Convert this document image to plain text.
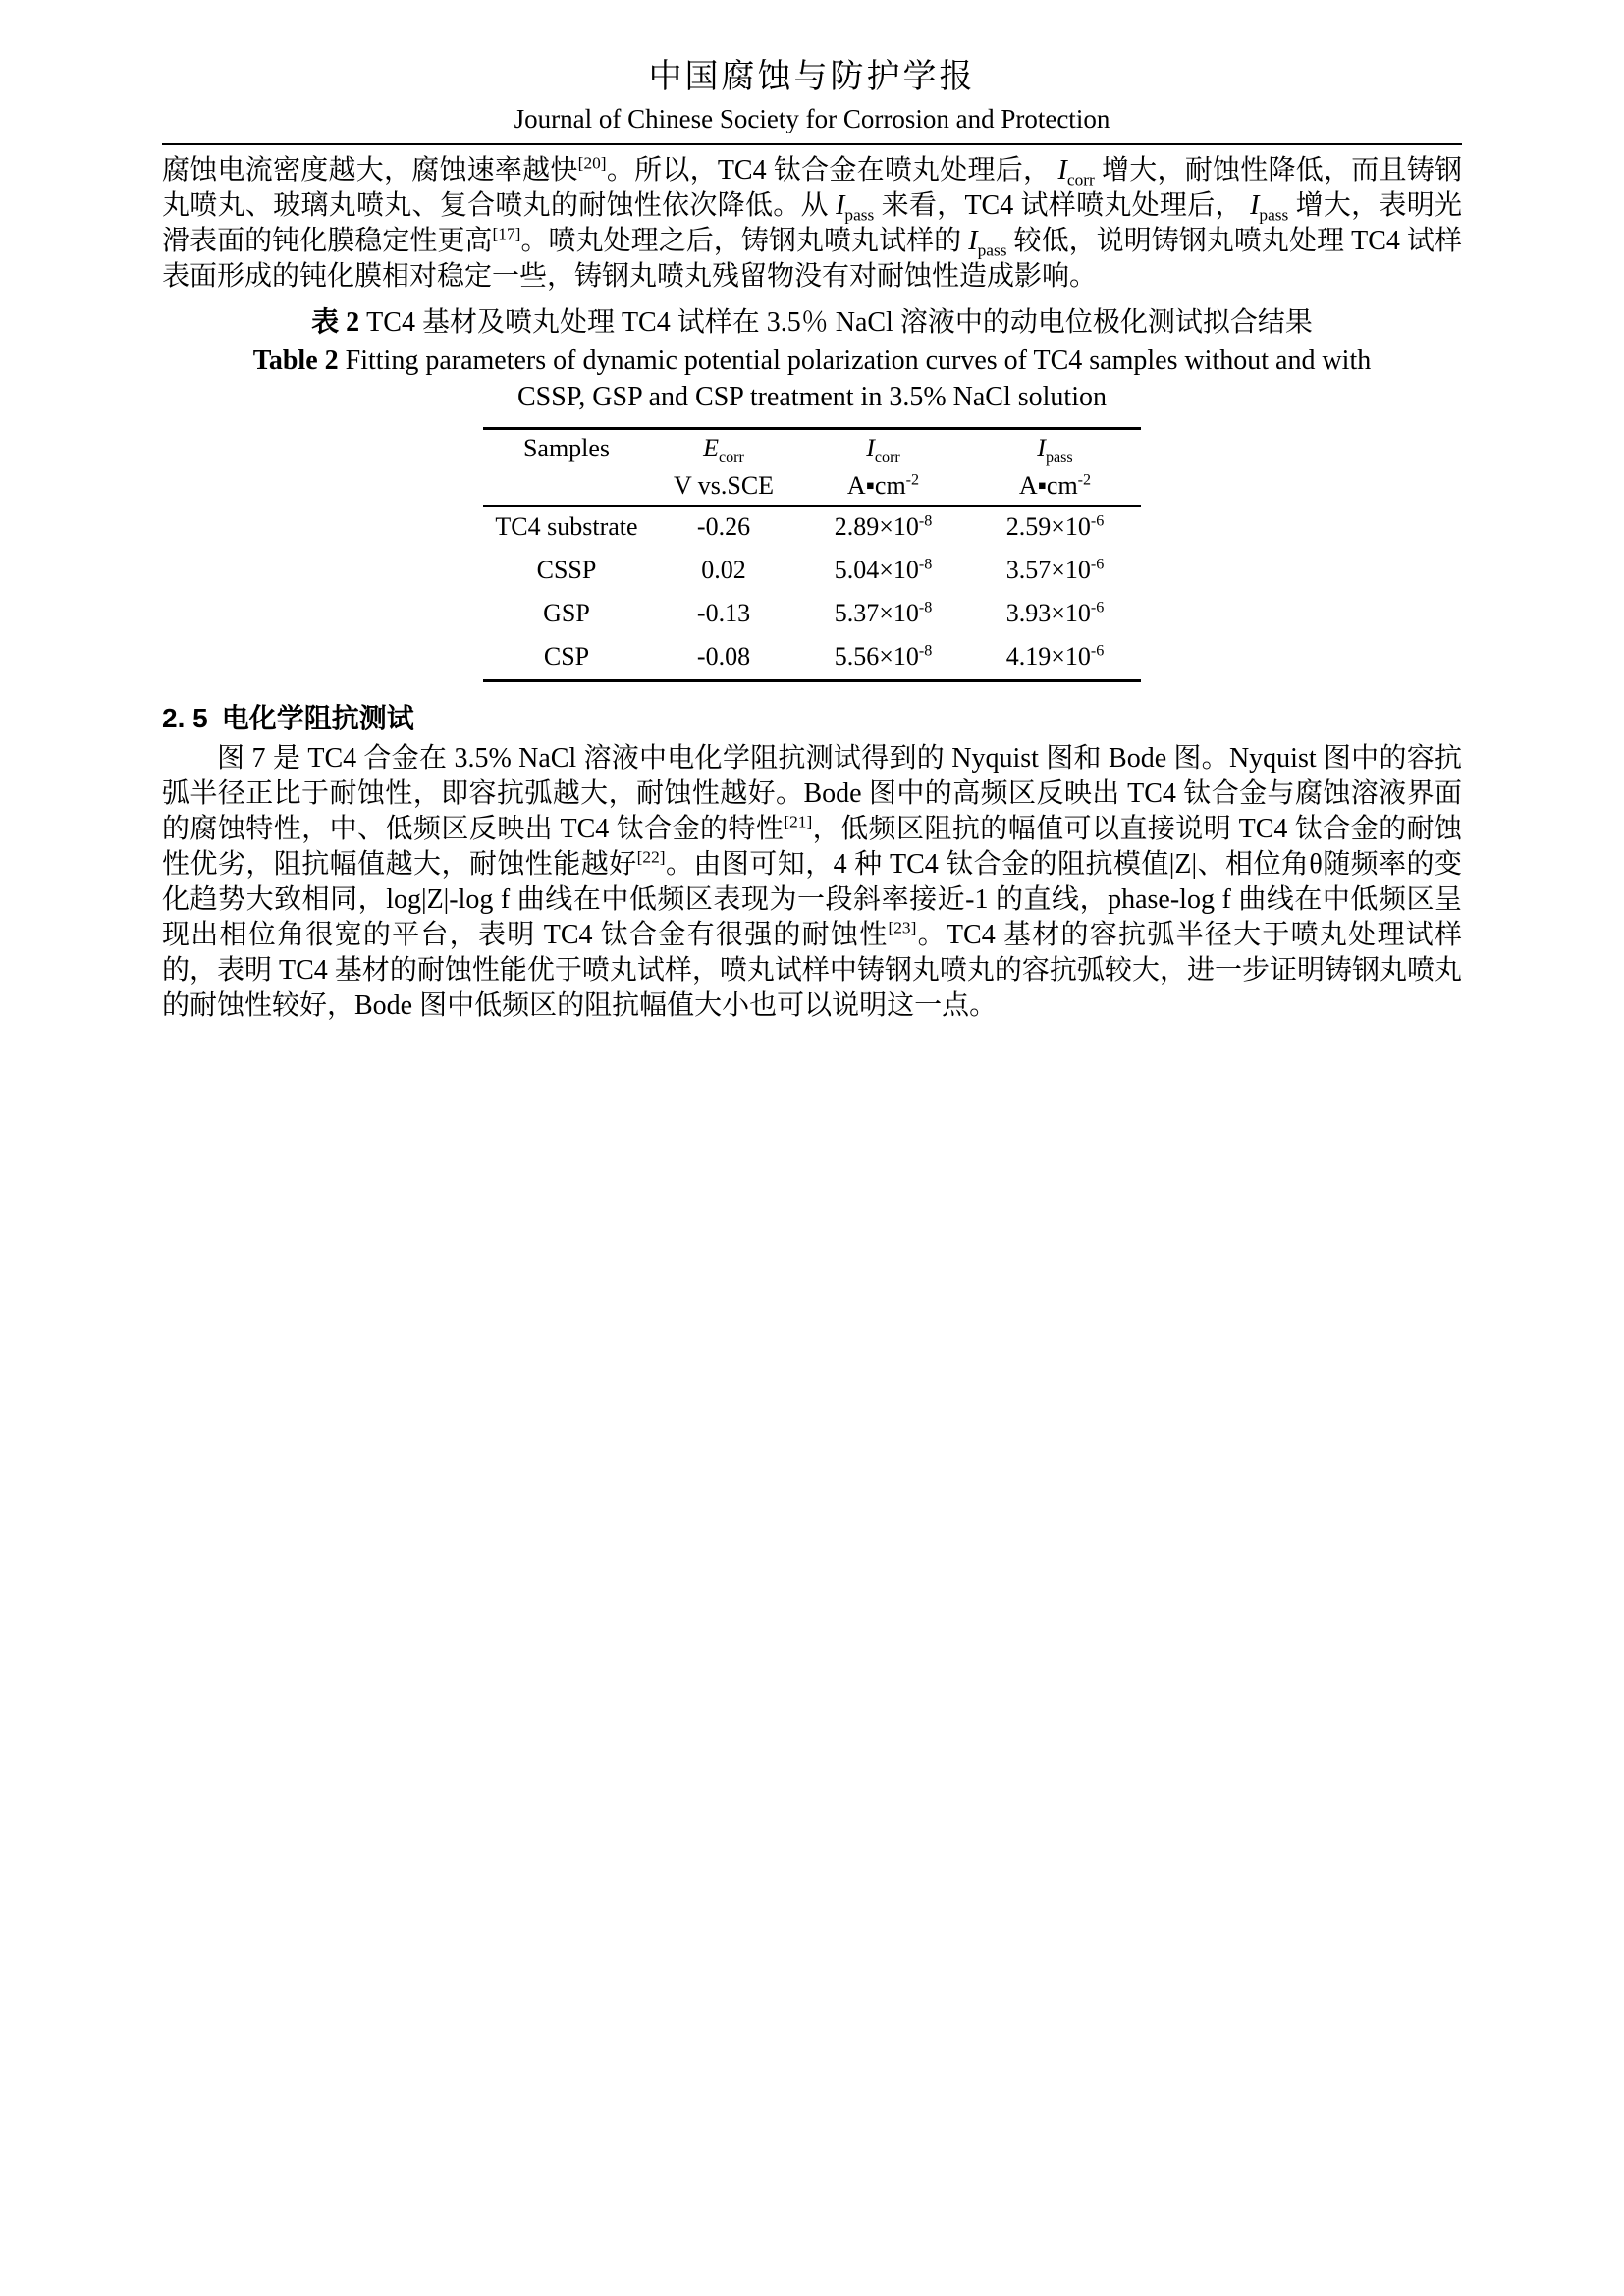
中国腐蚀与防护学报
Journal of Chinese Society for Corrosion and Protection

腐蚀电流密度越大，腐蚀速率越快[20]。所以，TC4 钛合金在喷丸处理后， $I_{corr}$ 增大，耐蚀性降低，而且铸钢丸喷丸、玻璃丸喷丸、复合喷丸的耐蚀性依次降低。从 $I_{pass}$ 来看，TC4 试样喷丸处理后， $I_{pass}$ 增大，表明光滑表面的钝化膜稳定性更高[17]。喷丸处理之后，铸钢丸喷丸试样的 $I_{pass}$ 较低，说明铸钢丸喷丸处理 TC4 试样表面形成的钝化膜相对稳定一些，铸钢丸喷丸残留物没有对耐蚀性造成影响。

表 2 TC4 基材及喷丸处理 TC4 试样在 3.5％ NaCl 溶液中的动电位极化测试拟合结果

Table 2 Fitting parameters of dynamic potential polarization curves of TC4 samples without and with CSSP, GSP and CSP treatment in 3.5% NaCl solution

Samples	$E_{corr}$	$I_{corr}$	$I_{pass}$
	V vs.SCE	$A▪cm^{-2}$	$A▪cm^{-2}$
TC4 substrate	-0.26	$2.89\times 10^{-8}$	$2.59\times 10^{-6}$
CSSP	0.02	$5.04\times 10^{-8}$	$3.57\times 10^{-6}$
GSP	-0.13	$5.37\times 10^{-8}$	$3.93\times 10^{-6}$
CSP	-0.08	$5.56\times 10^{-8}$	$4.19\times 10^{-6}$
2. 5 电化学阻抗测试

图 7 是 TC4 合金在 3.5% NaCl 溶液中电化学阻抗测试得到的 Nyquist 图和 Bode 图。Nyquist 图中的容抗弧半径正比于耐蚀性，即容抗弧越大，耐蚀性越好。Bode 图中的高频区反映出 TC4 钛合金与腐蚀溶液界面的腐蚀特性，中、低频区反映出 TC4 钛合金的特性[21]，低频区阻抗的幅值可以直接说明 TC4 钛合金的耐蚀性优劣，阻抗幅值越大，耐蚀性能越好[22]。由图可知，4 种 TC4 钛合金的阻抗模值|Z|、相位角θ随频率的变化趋势大致相同，log|Z|-log f 曲线在中低频区表现为一段斜率接近-1 的直线，phase-log f 曲线在中低频区呈现出相位角很宽的平台，表明 TC4 钛合金有很强的耐蚀性[23]。TC4 基材的容抗弧半径大于喷丸处理试样的，表明 TC4 基材的耐蚀性能优于喷丸试样，喷丸试样中铸钢丸喷丸的容抗弧较大，进一步证明铸钢丸喷丸的耐蚀性较好，Bode 图中低频区的阻抗幅值大小也可以说明这一点。
